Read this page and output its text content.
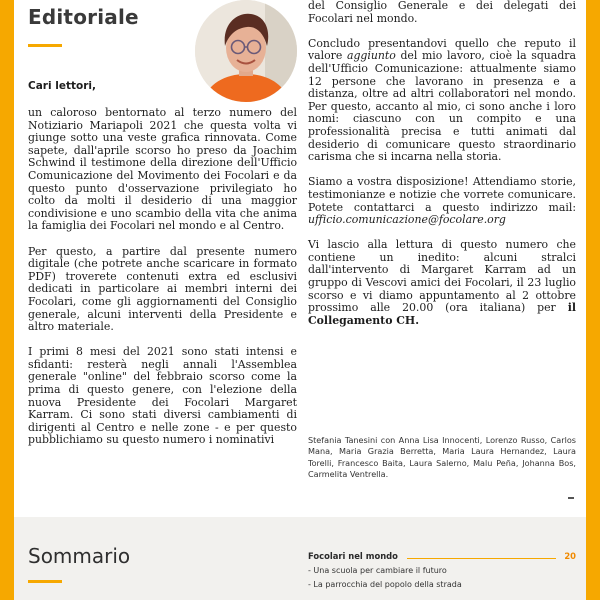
Editoriale
Cari lettori,

un caloroso bentornato al terzo numero del Notiziario Mariapoli 2021 che questa volta vi giunge sotto una veste grafica rinnovata. Come sapete, dall'aprile scorso ho preso da Joachim Schwind il testimone della direzione dell'Ufficio Comunicazione del Movimento dei Focolari e da questo punto d'osservazione privilegiato ho colto da molti il desiderio di una maggior condivisione e uno scambio della vita che anima la famiglia dei Focolari nel mondo e al Centro.

Per questo, a partire dal presente numero digitale (che potrete anche scaricare in formato PDF) troverete contenuti extra ed esclusivi dedicati in particolare ai membri interni dei Focolari, come gli aggiornamenti del Consiglio generale, alcuni interventi della Presidente e altro materiale.

I primi 8 mesi del 2021 sono stati intensi e sfidanti: resterà negli annali l'Assemblea generale "online" del febbraio scorso come la prima di questo genere, con l'elezione della nuova Presidente dei Focolari Margaret Karram. Ci sono stati diversi cambiamenti di dirigenti al Centro e nelle zone - e per questo pubblichiamo su questo numero i nominativi

del Consiglio Generale e dei delegati dei Focolari nel mondo.

Concludo presentandovi quello che reputo il valore aggiunto del mio lavoro, cioè la squadra dell'Ufficio Comunicazione: attualmente siamo 12 persone che lavorano in presenza e a distanza, oltre ad altri collaboratori nel mondo. Per questo, accanto al mio, ci sono anche i loro nomi: ciascuno con un compito e una professionalità precisa e tutti animati dal desiderio di comunicare questo straordinario carisma che si incarna nella storia.

Siamo a vostra disposizione! Attendiamo storie, testimonianze e notizie che vorrete comunicare. Potete contattarci a questo indirizzo mail: ufficio.comunicazione@focolare.org

Vi lascio alla lettura di questo numero che contiene un inedito: alcuni stralci dall'intervento di Margaret Karram ad un gruppo di Vescovi amici dei Focolari, il 23 luglio scorso e vi diamo appuntamento al 2 ottobre prossimo alle 20.00 (ora italiana) per il Collegamento CH.

Stefania Tanesini con Anna Lisa Innocenti, Lorenzo Russo, Carlos Mana, Maria Grazia Berretta, Maria Laura Hernandez, Laura Torelli, Francesco Baita, Laura Salerno, Malu Peña, Johanna Bos, Carmelita Ventrella.
Sommario	Focolari nel mondo	20
- Una scuola per cambiare il futuro
- La parrocchia del popolo della strada
